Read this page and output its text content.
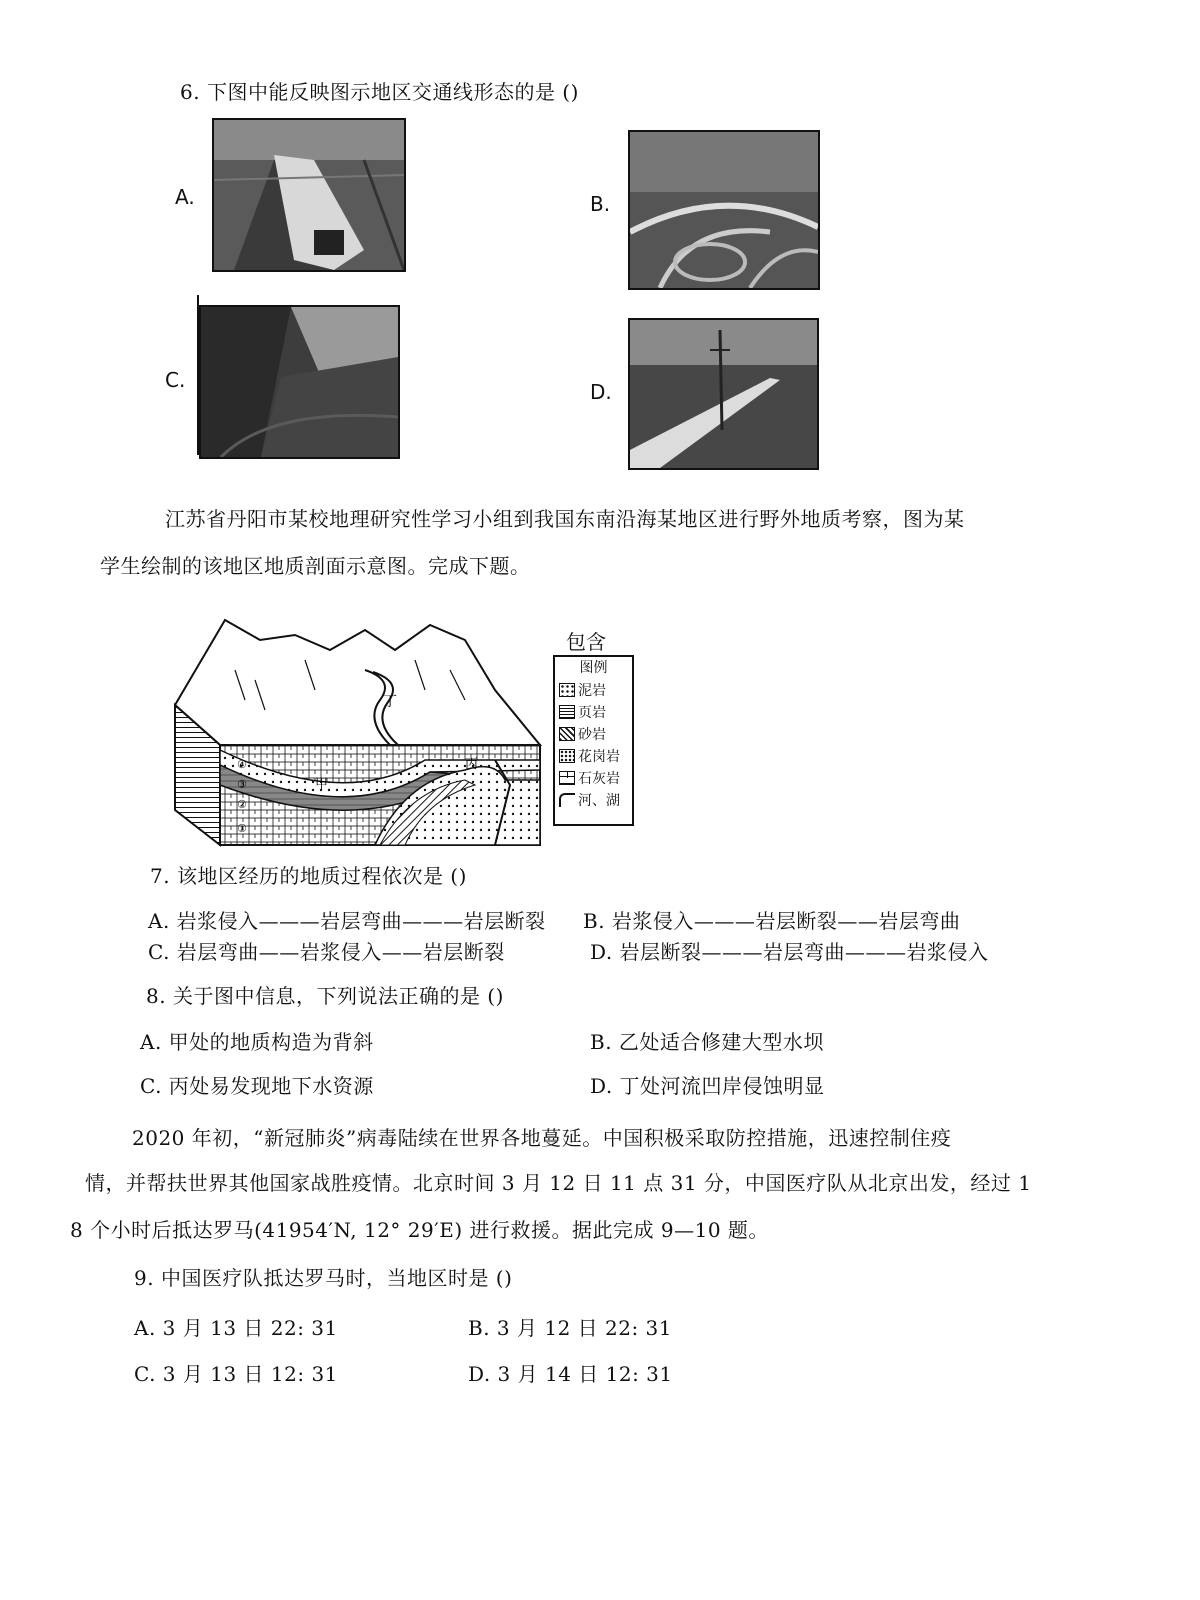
6. 下图中能反映图示地区交通线形态的是 ()
A.	B.
C.	D.
江苏省丹阳市某校地理研究性学习小组到我国东南沿海某地区进行野外地质考察，图为某
学生绘制的该地区地质剖面示意图。完成下题。
丁
甲
丙
④
③
②
①
包含
图例
泥岩
页岩
砂岩
花岗岩
石灰岩
河、湖
7. 该地区经历的地质过程依次是 ()
A. 岩浆侵入———岩层弯曲———岩层断裂 B. 岩浆侵入———岩层断裂——岩层弯曲
C. 岩层弯曲——岩浆侵入——岩层断裂	D. 岩层断裂———岩层弯曲———岩浆侵入
8. 关于图中信息，下列说法正确的是 ()
A. 甲处的地质构造为背斜	B. 乙处适合修建大型水坝
C. 丙处易发现地下水资源	D. 丁处河流凹岸侵蚀明显
2020 年初，“新冠肺炎”病毒陆续在世界各地蔓延。中国积极采取防控措施，迅速控制住疫
情，并帮扶世界其他国家战胜疫情。北京时间 3 月 12 日 11 点 31 分，中国医疗队从北京出发，经过 1
8 个小时后抵达罗马(41954′N, 12° 29′E) 进行救援。据此完成 9—10 题。
9. 中国医疗队抵达罗马时，当地区时是 ()
A. 3 月 13 日 22: 31	B. 3 月 12 日 22: 31
C. 3 月 13 日 12: 31	D. 3 月 14 日 12: 31
